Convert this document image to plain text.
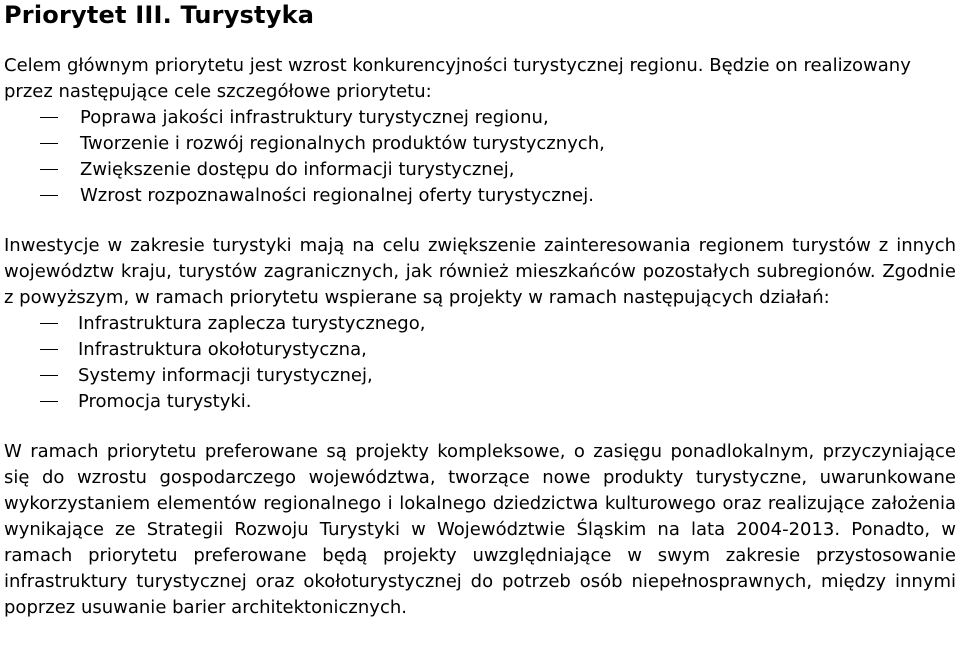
Priorytet III. Turystyka

Celem głównym priorytetu jest wzrost konkurencyjności turystycznej regionu. Będzie on realizowany przez następujące cele szczegółowe priorytetu:

Poprawa jakości infrastruktury turystycznej regionu,
Tworzenie i rozwój regionalnych produktów turystycznych,
Zwiększenie dostępu do informacji turystycznej,
Wzrost rozpoznawalności regionalnej oferty turystycznej.

Inwestycje w zakresie turystyki mają na celu zwiększenie zainteresowania regionem turystów z innych województw kraju, turystów zagranicznych, jak również mieszkańców pozostałych subregionów. Zgodnie z powyższym, w ramach priorytetu wspierane są projekty w ramach następujących działań:

Infrastruktura zaplecza turystycznego,
Infrastruktura okołoturystyczna,
Systemy informacji turystycznej,
Promocja turystyki.

W ramach priorytetu preferowane są projekty kompleksowe, o zasięgu ponadlokalnym, przyczyniające się do wzrostu gospodarczego województwa, tworzące nowe produkty turystyczne, uwarunkowane wykorzystaniem elementów regionalnego i lokalnego dziedzictwa kulturowego oraz realizujące założenia wynikające ze Strategii Rozwoju Turystyki w Województwie Śląskim na lata 2004-2013. Ponadto, w ramach priorytetu preferowane będą projekty uwzględniające w swym zakresie przystosowanie infrastruktury turystycznej oraz okołoturystycznej do potrzeb osób niepełnosprawnych, między innymi poprzez usuwanie barier architektonicznych.
